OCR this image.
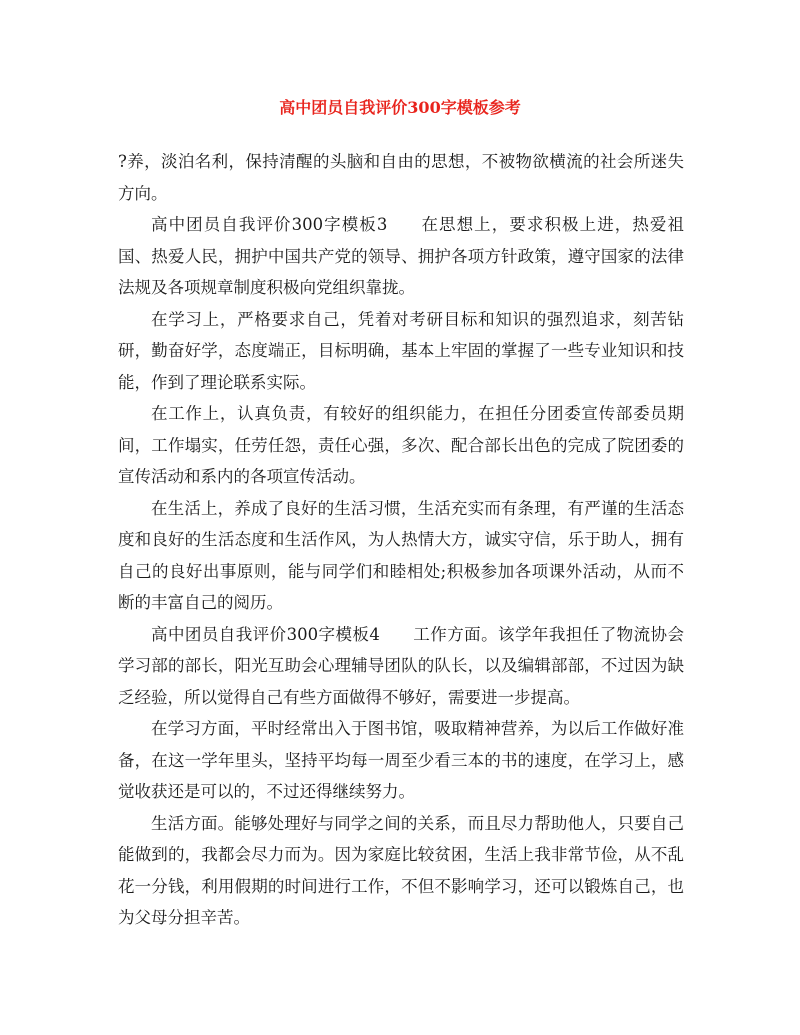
高中团员自我评价300字模板参考

?养，淡泊名利，保持清醒的头脑和自由的思想，不被物欲横流的社会所迷失方向。

高中团员自我评价300字模板3 在思想上，要求积极上进，热爱祖国、热爱人民，拥护中国共产党的领导、拥护各项方针政策，遵守国家的法律法规及各项规章制度积极向党组织靠拢。

在学习上，严格要求自己，凭着对考研目标和知识的强烈追求，刻苦钻研，勤奋好学，态度端正，目标明确，基本上牢固的掌握了一些专业知识和技能，作到了理论联系实际。

在工作上，认真负责，有较好的组织能力，在担任分团委宣传部委员期间，工作塌实，任劳任怨，责任心强，多次、配合部长出色的完成了院团委的宣传活动和系内的各项宣传活动。

在生活上，养成了良好的生活习惯，生活充实而有条理，有严谨的生活态度和良好的生活态度和生活作风，为人热情大方，诚实守信，乐于助人，拥有自己的良好出事原则，能与同学们和睦相处;积极参加各项课外活动，从而不断的丰富自己的阅历。

高中团员自我评价300字模板4 工作方面。该学年我担任了物流协会学习部的部长，阳光互助会心理辅导团队的队长，以及编辑部部，不过因为缺乏经验，所以觉得自己有些方面做得不够好，需要进一步提高。

在学习方面，平时经常出入于图书馆，吸取精神营养，为以后工作做好准备，在这一学年里头，坚持平均每一周至少看三本的书的速度，在学习上，感觉收获还是可以的，不过还得继续努力。

生活方面。能够处理好与同学之间的关系，而且尽力帮助他人，只要自己能做到的，我都会尽力而为。因为家庭比较贫困，生活上我非常节俭，从不乱花一分钱，利用假期的时间进行工作，不但不影响学习，还可以锻炼自己，也为父母分担辛苦。
